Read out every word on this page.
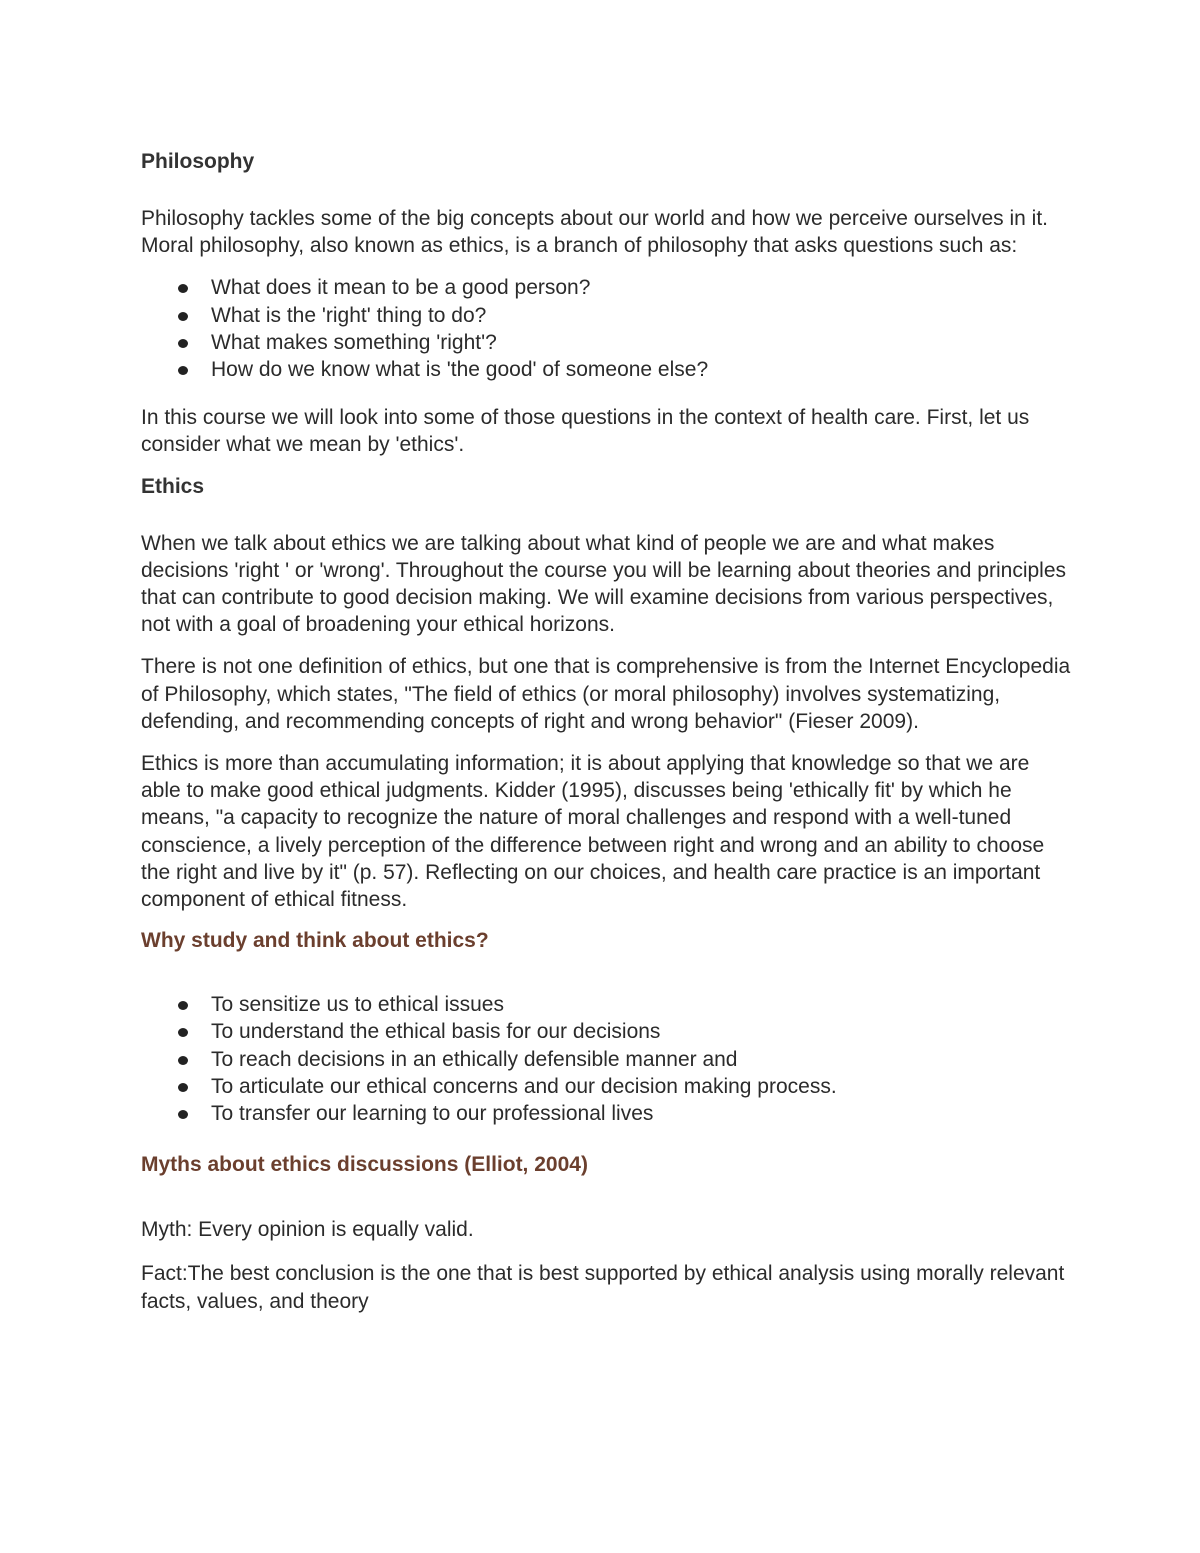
Philosophy

Philosophy tackles some of the big concepts about our world and how we perceive ourselves in it. Moral philosophy, also known as ethics, is a branch of philosophy that asks questions such as:

What does it mean to be a good person?
What is the 'right' thing to do?
What makes something 'right'?
How do we know what is 'the good' of someone else?

In this course we will look into some of those questions in the context of health care. First, let us consider what we mean by 'ethics'.

Ethics

When we talk about ethics we are talking about what kind of people we are and what makes decisions 'right ' or 'wrong'. Throughout the course you will be learning about theories and principles that can contribute to good decision making. We will examine decisions from various perspectives, not with a goal of broadening your ethical horizons.

There is not one definition of ethics, but one that is comprehensive is from the Internet Encyclopedia of Philosophy, which states, "The field of ethics (or moral philosophy) involves systematizing, defending, and recommending concepts of right and wrong behavior" (Fieser 2009).

Ethics is more than accumulating information; it is about applying that knowledge so that we are able to make good ethical judgments. Kidder (1995), discusses being 'ethically fit' by which he means, "a capacity to recognize the nature of moral challenges and respond with a well-tuned conscience, a lively perception of the difference between right and wrong and an ability to choose the right and live by it" (p. 57). Reflecting on our choices, and health care practice is an important component of ethical fitness.

Why study and think about ethics?
To sensitize us to ethical issues
To understand the ethical basis for our decisions
To reach decisions in an ethically defensible manner and
To articulate our ethical concerns and our decision making process.
To transfer our learning to our professional lives
Myths about ethics discussions (Elliot, 2004)

Myth: Every opinion is equally valid.

Fact:The best conclusion is the one that is best supported by ethical analysis using morally relevant facts, values, and theory
